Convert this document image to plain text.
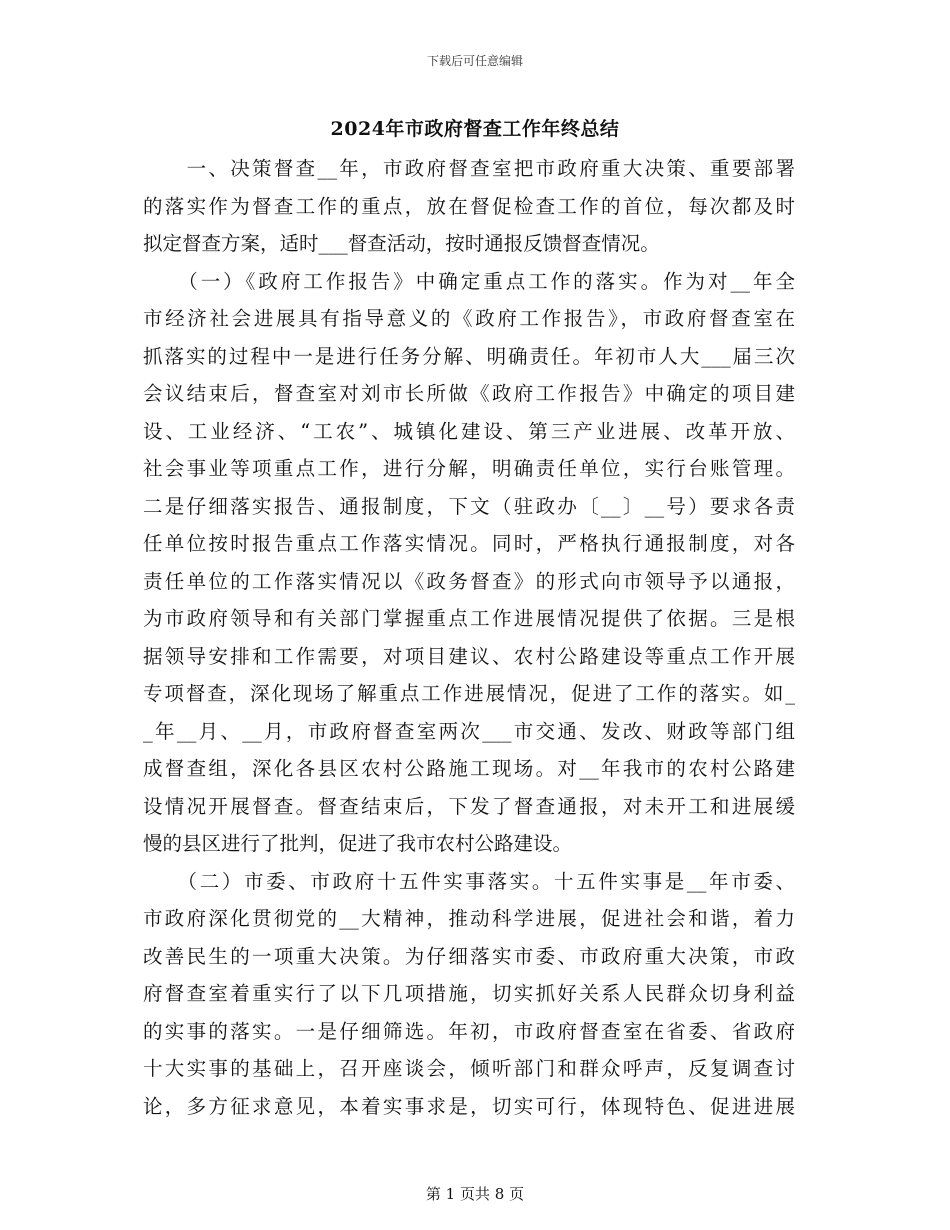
下载后可任意编辑
2024年市政府督查工作年终总结
　　一、决策督查__年，市政府督查室把市政府重大决策、重要部署
的落实作为督查工作的重点，放在督促检查工作的首位，每次都及时
拟定督查方案，适时___督查活动，按时通报反馈督查情况。
　　（一）《政府工作报告》中确定重点工作的落实。作为对__年全
市经济社会进展具有指导意义的《政府工作报告》，市政府督查室在
抓落实的过程中一是进行任务分解、明确责任。年初市人大___届三次
会议结束后，督查室对刘市长所做《政府工作报告》中确定的项目建
设、工业经济、“工农”、城镇化建设、第三产业进展、改革开放、
社会事业等项重点工作，进行分解，明确责任单位，实行台账管理。
二是仔细落实报告、通报制度，下文（驻政办〔__〕__号）要求各责
任单位按时报告重点工作落实情况。同时，严格执行通报制度，对各
责任单位的工作落实情况以《政务督查》的形式向市领导予以通报，
为市政府领导和有关部门掌握重点工作进展情况提供了依据。三是根
据领导安排和工作需要，对项目建议、农村公路建设等重点工作开展
专项督查，深化现场了解重点工作进展情况，促进了工作的落实。如_
_年__月、__月，市政府督查室两次___市交通、发改、财政等部门组
成督查组，深化各县区农村公路施工现场。对__年我市的农村公路建
设情况开展督查。督查结束后，下发了督查通报，对未开工和进展缓
慢的县区进行了批判，促进了我市农村公路建设。
　　（二）市委、市政府十五件实事落实。十五件实事是__年市委、
市政府深化贯彻党的__大精神，推动科学进展，促进社会和谐，着力
改善民生的一项重大决策。为仔细落实市委、市政府重大决策，市政
府督查室着重实行了以下几项措施，切实抓好关系人民群众切身利益
的实事的落实。一是仔细筛选。年初，市政府督查室在省委、省政府
十大实事的基础上，召开座谈会，倾听部门和群众呼声，反复调查讨
论，多方征求意见，本着实事求是，切实可行，体现特色、促进进展
第 1 页共 8 页
